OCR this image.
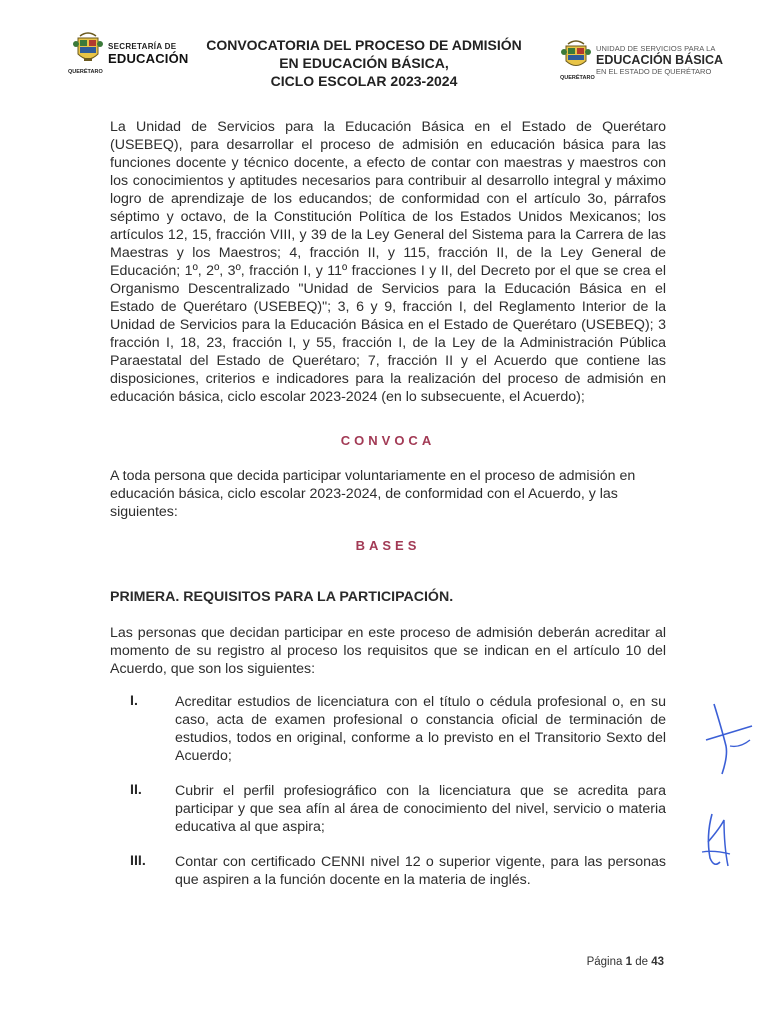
SECRETARÍA DE
EDUCACIÓN
QUERÉTARO
CONVOCATORIA DEL PROCESO DE ADMISIÓN
EN EDUCACIÓN BÁSICA,
CICLO ESCOLAR 2023-2024
UNIDAD DE SERVICIOS PARA LA
EDUCACIÓN BÁSICA
EN EL ESTADO DE QUERÉTARO
QUERÉTARO
La Unidad de Servicios para la Educación Básica en el Estado de Querétaro (USEBEQ), para desarrollar el proceso de admisión en educación básica para las funciones docente y técnico docente, a efecto de contar con maestras y maestros con los conocimientos y aptitudes necesarios para contribuir al desarrollo integral y máximo logro de aprendizaje de los educandos; de conformidad con el artículo 3o, párrafos séptimo y octavo, de la Constitución Política de los Estados Unidos Mexicanos; los artículos 12, 15, fracción VIII, y 39 de la Ley General del Sistema para la Carrera de las Maestras y los Maestros; 4, fracción II, y 115, fracción II, de la Ley General de Educación; 1º, 2º, 3º, fracción I, y 11º fracciones I y II, del Decreto por el que se crea el Organismo Descentralizado "Unidad de Servicios para la Educación Básica en el Estado de Querétaro (USEBEQ)"; 3, 6 y 9, fracción I, del Reglamento Interior de la Unidad de Servicios para la Educación Básica en el Estado de Querétaro (USEBEQ); 3 fracción I, 18, 23, fracción I, y 55, fracción I, de la Ley de la Administración Pública Paraestatal del Estado de Querétaro; 7, fracción II y el Acuerdo que contiene las disposiciones, criterios e indicadores para la realización del proceso de admisión en educación básica, ciclo escolar 2023-2024 (en lo subsecuente, el Acuerdo);
CONVOCA
A toda persona que decida participar voluntariamente en el proceso de admisión en educación básica, ciclo escolar 2023-2024, de conformidad con el Acuerdo, y las siguientes:
BASES
PRIMERA. REQUISITOS PARA LA PARTICIPACIÓN.
Las personas que decidan participar en este proceso de admisión deberán acreditar al momento de su registro al proceso los requisitos que se indican en el artículo 10 del Acuerdo, que son los siguientes:
I.	Acreditar estudios de licenciatura con el título o cédula profesional o, en su caso, acta de examen profesional o constancia oficial de terminación de estudios, todos en original, conforme a lo previsto en el Transitorio Sexto del Acuerdo;
II. Cubrir el perfil profesiográfico con la licenciatura que se acredita para participar y que sea afín al área de conocimiento del nivel, servicio o materia educativa al que aspira;
III. Contar con certificado CENNI nivel 12 o superior vigente, para las personas que aspiren a la función docente en la materia de inglés.
Página 1 de 43
